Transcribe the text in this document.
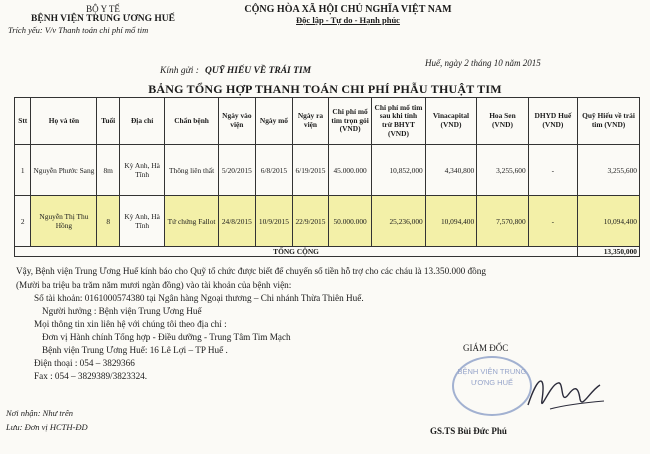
BỘ Y TẾ
BỆNH VIỆN TRUNG ƯƠNG HUẾ
Trích yếu: V/v Thanh toán chi phí mổ tim
CỘNG HÒA XÃ HỘI CHỦ NGHĨA VIỆT NAM
Độc lập - Tự do - Hạnh phúc
Huế, ngày 2 tháng 10 năm 2015
Kính gửi : QUỸ HIẾU VỀ TRÁI TIM
BẢNG TỔNG HỢP THANH TOÁN CHI PHÍ PHẪU THUẬT TIM
Stt	Họ và tên	Tuổi	Địa chỉ	Chẩn bệnh	Ngày vào viện	Ngày mổ	Ngày ra viện	Chi phí mổ tim trọn gói (VND)	Chi phí mổ tim sau khi tính trừ BHYT (VND)	Vinacapital (VND)	Hoa Sen (VND)	DHYD Huế (VND)	Quỹ Hiếu về trái tim (VND)
1	Nguyễn Phước Sang	8m	Kỳ Anh, Hà Tĩnh	Thông liên thất	5/20/2015	6/8/2015	6/19/2015	45.000.000	10,852,000	4,340,800	3,255,600	-	3,255,600
2	Nguyễn Thị Thu Hồng	8	Kỳ Anh, Hà Tĩnh	Tứ chứng Fallot	24/8/2015	10/9/2015	22/9/2015	50.000.000	25,236,000	10,094,400	7,570,800	-	10,094,400
TỔNG CỘNG													13,350,000
Vậy, Bệnh viện Trung Ương Huế kính báo cho Quỹ tổ chức được biết để chuyển số tiền hỗ trợ cho các cháu là 13.350.000 đồng
(Mười ba triệu ba trăm năm mươi ngàn đồng) vào tài khoản của bệnh viện:
Số tài khoản: 0161000574380 tại Ngân hàng Ngoại thương – Chi nhánh Thừa Thiên Huế.
Người hưởng : Bệnh viện Trung Ương Huế
Mọi thông tin xin liên hệ với chúng tôi theo địa chỉ :
Đơn vị Hành chính Tổng hợp - Điều dưỡng - Trung Tâm Tim Mạch
Bệnh viện Trung Ương Huế: 16 Lê Lợi – TP Huế .
Điện thoại : 054 – 3829366
Fax : 054 – 3829389/3823324.
GIÁM ĐỐC
BỆNH VIỆN TRUNG ƯƠNG HUẾ
GS.TS Bùi Đức Phú
Nơi nhận: Như trên
Lưu: Đơn vị HCTH-ĐD
